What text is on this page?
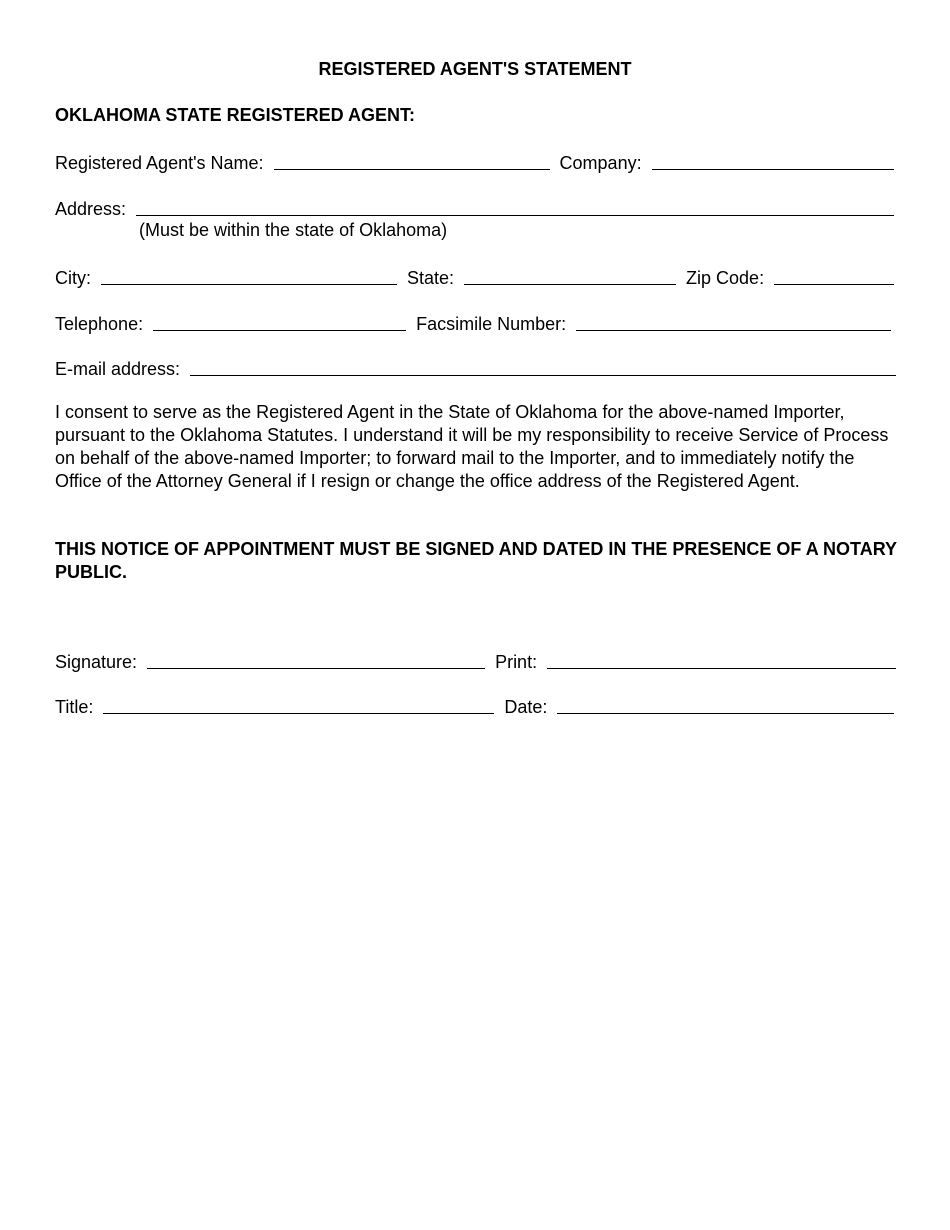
REGISTERED AGENT'S STATEMENT
OKLAHOMA STATE REGISTERED AGENT:
Registered Agent's Name:	Company:
Address:
(Must be within the state of Oklahoma)
City:	State:	Zip Code:
Telephone:	Facsimile Number:
E-mail address:
I consent to serve as the Registered Agent in the State of Oklahoma for the above-named Importer, pursuant to the Oklahoma Statutes. I understand it will be my responsibility to receive Service of Process on behalf of the above-named Importer; to forward mail to the Importer, and to immediately notify the Office of the Attorney General if I resign or change the office address of the Registered Agent.
THIS NOTICE OF APPOINTMENT MUST BE SIGNED AND DATED IN THE PRESENCE OF A NOTARY PUBLIC.
Signature:	Print:
Title:	Date:
